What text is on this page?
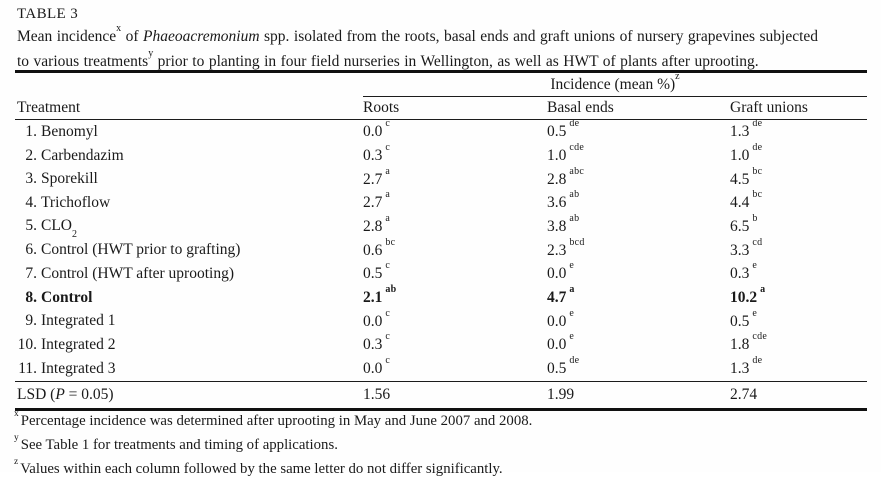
TABLE 3
Mean incidence$^x$ of Phaeoacremonium spp. isolated from the roots, basal ends and graft unions of nursery grapevines subjected
to various treatments$^y$ prior to planting in four field nurseries in Wellington, as well as HWT of plants after uprooting.
	Incidence (mean %)$^z$
Treatment	Roots	Basal ends	Graft unions
1. Benomyl	0.0 $^c$	0.5 $^{de}$	1.3 $^{de}$
2. Carbendazim	0.3 $^c$	1.0 $^{cde}$	1.0 $^{de}$
3. Sporekill	2.7 $^a$	2.8 $^{abc}$	4.5 $^{bc}$
4. Trichoflow	2.7 $^a$	3.6 $^{ab}$	4.4 $^{bc}$
5. $CLO_2$	2.8 $^a$	3.8 $^{ab}$	6.5 $^b$
6. Control (HWT prior to grafting)	0.6 $^{bc}$	2.3 $^{bcd}$	3.3 $^{cd}$
7. Control (HWT after uprooting)	0.5 $^c$	0.0 $^e$	0.3 $^e$
8. Control	2.1 $^{ab}$	4.7 $^a$	10.2 $^a$
9. Integrated 1	0.0 $^c$	0.0 $^e$	0.5 $^e$
10. Integrated 2	0.3 $^c$	0.0 $^e$	1.8 $^{cde}$
11. Integrated 3	0.0 $^c$	0.5 $^{de}$	1.3 $^{de}$
LSD (P = 0.05)	1.56	1.99	2.74
$^x$ Percentage incidence was determined after uprooting in May and June 2007 and 2008.
$^y$ See Table 1 for treatments and timing of applications.
$^z$ Values within each column followed by the same letter do not differ significantly.
